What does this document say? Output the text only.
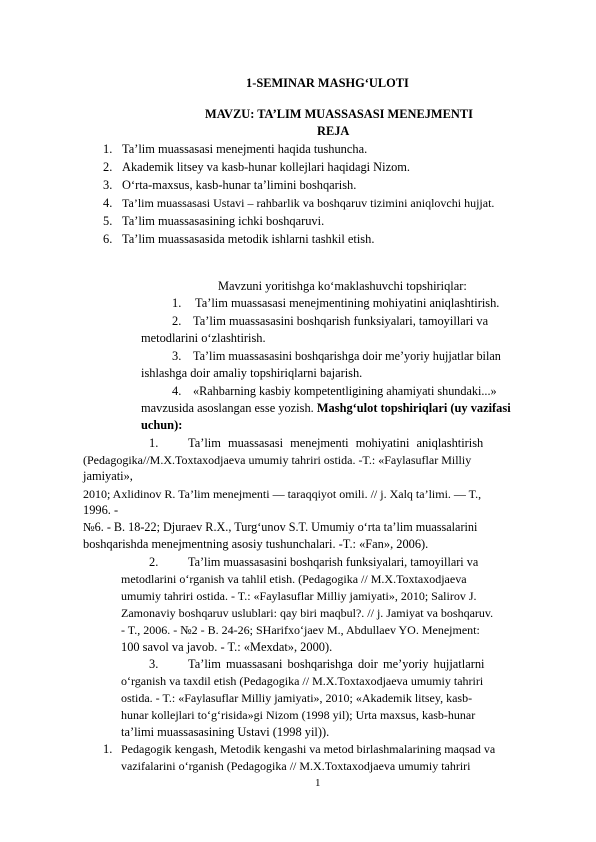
1-SEMINAR MASHG‘ULOTI
MAVZU: TA’LIM MUASSASASI MENEJMENTI
REJA
1. Ta’lim muassasasi menejmenti haqida tushuncha.
2. Akademik litsey va kasb-hunar kollejlari haqidagi Nizom.
3. O‘rta-maxsus, kasb-hunar ta’limini boshqarish.
4. Ta’lim muassasasi Ustavi – rahbarlik va boshqaruv tizimini aniqlovchi hujjat.
5. Ta’lim muassasasining ichki boshqaruvi.
6. Ta’lim muassasasida metodik ishlarni tashkil etish.
Mavzuni yoritishga ko‘maklashuvchi topshiriqlar:
1. Ta’lim muassasasi menejmentining mohiyatini aniqlashtirish.
2. Ta’lim muassasasini boshqarish funksiyalari, tamoyillari va
metodlarini o‘zlashtirish.
3. Ta’lim muassasasini boshqarishga doir me’yoriy hujjatlar bilan
ishlashga doir amaliy topshiriqlarni bajarish.
4. «Rahbarning kasbiy kompetentligining ahamiyati shundaki...»
mavzusida asoslangan esse yozish. Mashg‘ulot topshiriqlari (uy vazifasi
uchun):
1. Ta’lim muassasasi menejmenti mohiyatini aniqlashtirish
(Pedagogika//M.X.Toxtaxodjaeva umumiy tahriri ostida. -T.: «Faylasuflar Milliy
jamiyati»,
2010; Axlidinov R. Ta’lim menejmenti — taraqqiyot omili. // j. Xalq ta’limi. — T.,
1996. -
№6. - B. 18-22; Djuraev R.X., Turg‘unov S.T. Umumiy o‘rta ta’lim muassalarini
boshqarishda menejmentning asosiy tushunchalari. -T.: «Fan», 2006).
2. Ta’lim muassasasini boshqarish funksiyalari, tamoyillari va
metodlarini o‘rganish va tahlil etish. (Pedagogika // M.X.Toxtaxodjaeva
umumiy tahriri ostida. - T.: «Faylasuflar Milliy jamiyati», 2010; Salirov J.
Zamonaviy boshqaruv uslublari: qay biri maqbul?. // j. Jamiyat va boshqaruv.
- T., 2006. - №2 - B. 24-26; SHarifxo‘jaev M., Abdullaev YO. Menejment:
100 savol va javob. - T.: «Mexdat», 2000).
3. Ta’lim muassasani boshqarishga doir me’yoriy hujjatlarni
o‘rganish va taxdil etish (Pedagogika // M.X.Toxtaxodjaeva umumiy tahriri
ostida. - T.: «Faylasuflar Milliy jamiyati», 2010; «Akademik litsey, kasb-
hunar kollejlari to‘g‘risida»gi Nizom (1998 yil); Urta maxsus, kasb-hunar
ta’limi muassasasining Ustavi (1998 yil)).
1. Pedagogik kengash, Metodik kengashi va metod birlashmalarining maqsad va
vazifalarini o‘rganish (Pedagogika // M.X.Toxtaxodjaeva umumiy tahriri
1
